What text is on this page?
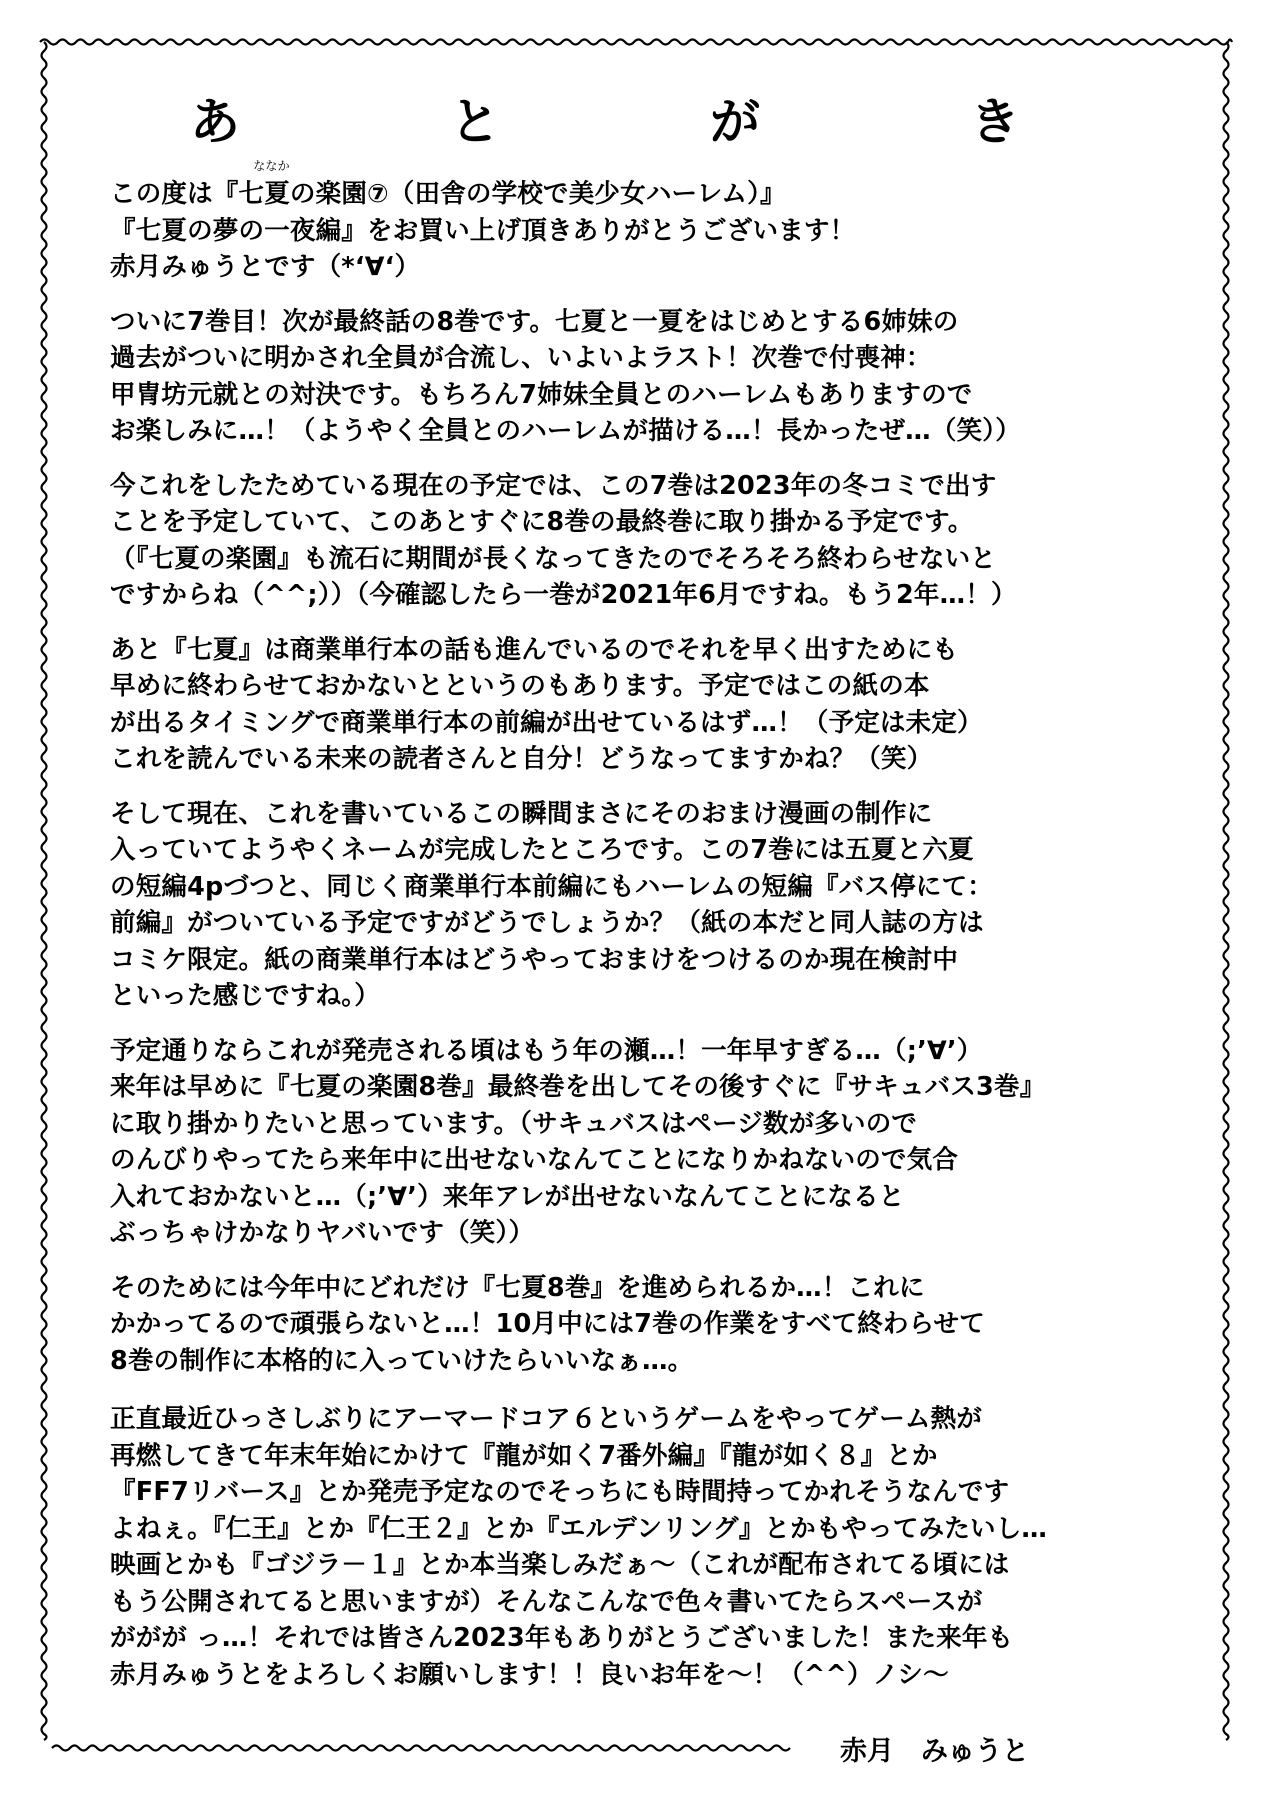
あ	と	が	き
この度は『七夏
ななか
の楽園⑦（田舎の学校で美少女ハーレム）』
『七夏の夢の一夜編』をお買い上げ頂きありがとうございます！
赤月みゅうとです（*‘∀‘）
ついに7巻目！次が最終話の8巻です。七夏と一夏をはじめとする6姉妹の
過去がついに明かされ全員が合流し、いよいよラスト！次巻で付喪神：
甲冑坊元就との対決です。もちろん7姉妹全員とのハーレムもありますので
お楽しみに…！（ようやく全員とのハーレムが描ける…！長かったぜ…（笑））
今これをしたためている現在の予定では、この7巻は2023年の冬コミで出す
ことを予定していて、このあとすぐに8巻の最終巻に取り掛かる予定です。
（『七夏の楽園』も流石に期間が長くなってきたのでそろそろ終わらせないと
ですからね（^^;））（今確認したら一巻が2021年6月ですね。もう2年…！）
あと『七夏』は商業単行本の話も進んでいるのでそれを早く出すためにも
早めに終わらせておかないとというのもあります。予定ではこの紙の本
が出るタイミングで商業単行本の前編が出せているはず…！（予定は未定）
これを読んでいる未来の読者さんと自分！どうなってますかね？（笑）
そして現在、これを書いているこの瞬間まさにそのおまけ漫画の制作に
入っていてようやくネームが完成したところです。この7巻には五夏と六夏
の短編4pづつと、同じく商業単行本前編にもハーレムの短編『バス停にて：
前編』がついている予定ですがどうでしょうか？（紙の本だと同人誌の方は
コミケ限定。紙の商業単行本はどうやっておまけをつけるのか現在検討中
といった感じですね。）
予定通りならこれが発売される頃はもう年の瀬…！一年早すぎる…（;’∀’）
来年は早めに『七夏の楽園8巻』最終巻を出してその後すぐに『サキュバス3巻』
に取り掛かりたいと思っています。（サキュバスはページ数が多いので
のんびりやってたら来年中に出せないなんてことになりかねないので気合
入れておかないと…（;’∀’）来年アレが出せないなんてことになると
ぶっちゃけかなりヤバいです（笑））
そのためには今年中にどれだけ『七夏8巻』を進められるか…！これに
かかってるので頑張らないと…！10月中には7巻の作業をすべて終わらせて
8巻の制作に本格的に入っていけたらいいなぁ…。
正直最近ひっさしぶりにアーマードコア６というゲームをやってゲーム熱が
再燃してきて年末年始にかけて『龍が如く7番外編』『龍が如く８』とか
『FF7リバース』とか発売予定なのでそっちにも時間持ってかれそうなんです
よねぇ。『仁王』とか『仁王２』とか『エルデンリング』とかもやってみたいし…
映画とかも『ゴジラ－１』とか本当楽しみだぁ～（これが配布されてる頃には
もう公開されてると思いますが）そんなこんなで色々書いてたらスペースが
ががが っ…！それでは皆さん2023年もありがとうございました！また来年も
赤月みゅうとをよろしくお願いします！！良いお年を～！（^^）ノシ～
赤月　みゅうと
